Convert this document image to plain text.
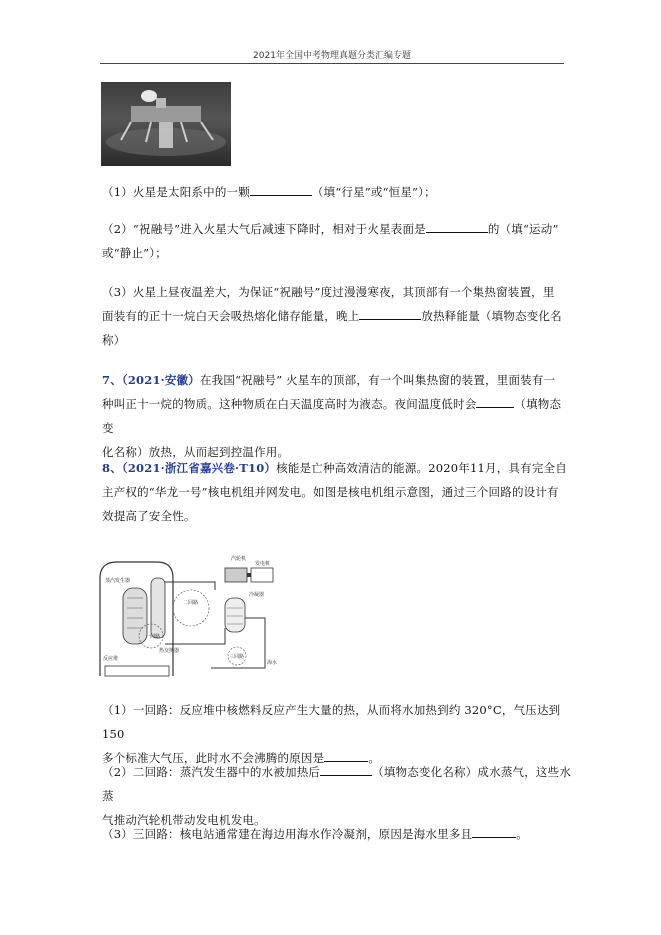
2021年全国中考物理真题分类汇编专题
（1）火星是太阳系中的一颗	（填“行星”或“恒星”）；
（2）“祝融号”进入火星大气后减速下降时，相对于火星表面是	的（填“运动”
或“静止”）；
（3）火星上昼夜温差大，为保证“祝融号”度过漫漫寒夜，其顶部有一个集热窗装置，里
面装有的正十一烷白天会吸热熔化储存能量，晚上	放热释能量（填物态变化名
称）
7、（2021·安徽）在我国“祝融号” 火星车的顶部，有一个叫集热窗的装置，里面装有一
种叫正十一烷的物质。这种物质在白天温度高时为液态。夜间温度低时会	（填物态变
化名称）放热，从而起到控温作用。
8、（2021·浙江省嘉兴卷·T10）核能是亡种高效清洁的能源。2020年11月，具有完全自
主产权的“华龙一号”核电机组并网发电。如图是核电机组示意图，通过三个回路的设计有
效提高了安全性。
汽轮机
发电机
蒸汽发生器
冷凝器
二回路
一回路
热交换器
反应堆	三回路
海水
（1）一回路：反应堆中核燃料反应产生大量的热，从而将水加热到约 320°C，气压达到 150
多个标准大气压，此时水不会沸腾的原因是	。
（2）二回路：蒸汽发生器中的水被加热后	（填物态变化名称）成水蒸气，这些水蒸
气推动汽轮机带动发电机发电。
（3）三回路：核电站通常建在海边用海水作冷凝剂，原因是海水里多且	。
